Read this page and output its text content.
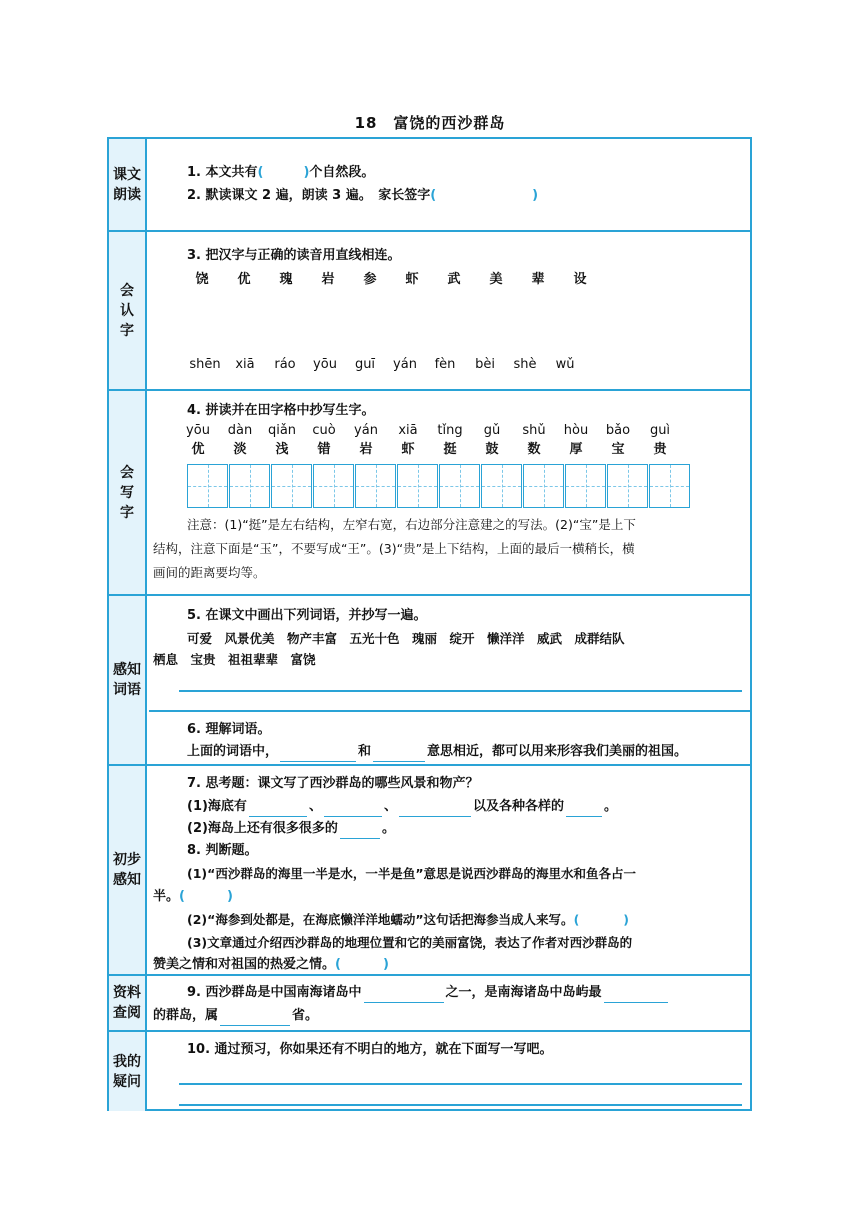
18　富饶的西沙群岛
课文朗读
1. 本文共有(	)个自然段。
2. 默读课文 2 遍，朗读 3 遍。　家长签字(	)
会认字
3. 把汉字与正确的读音用直线相连。
饶 优 瑰 岩 参 虾 武 美 辈 设
shēn xiā ráo yōu guī yán fèn bèi shè wǔ
会写字
4. 拼读并在田字格中抄写生字。
yōu dàn qiǎn cuò yán xiā tǐng gǔ shǔ hòu bǎo guì
优 淡 浅 错 岩 虾 挺 鼓 数 厚 宝 贵
注意：(1)“挺”是左右结构，左窄右宽，右边部分注意建之的写法。(2)“宝”是上下
结构，注意下面是“玉”，不要写成“王”。(3)“贵”是上下结构，上面的最后一横稍长，横
画间的距离要均等。
感知词语
5. 在课文中画出下列词语，并抄写一遍。
可爱　风景优美　物产丰富　五光十色　瑰丽　绽开　懒洋洋　威武　成群结队
栖息　宝贵　祖祖辈辈　富饶
6. 理解词语。
上面的词语中，	和	意思相近，都可以用来形容我们美丽的祖国。
初步感知
7. 思考题：课文写了西沙群岛的哪些风景和物产？
(1)海底有	、	、	以及各种各样的	。
(2)海岛上还有很多很多的	。
8. 判断题。
(1)“西沙群岛的海里一半是水，一半是鱼”意思是说西沙群岛的海里水和鱼各占一
半。(	)
(2)“海参到处都是，在海底懒洋洋地蠕动”这句话把海参当成人来写。(	)
(3)文章通过介绍西沙群岛的地理位置和它的美丽富饶，表达了作者对西沙群岛的
赞美之情和对祖国的热爱之情。(	)
资料查阅
9. 西沙群岛是中国南海诸岛中	之一，是南海诸岛中岛屿最
的群岛，属	省。
我的疑问
10. 通过预习，你如果还有不明白的地方，就在下面写一写吧。
